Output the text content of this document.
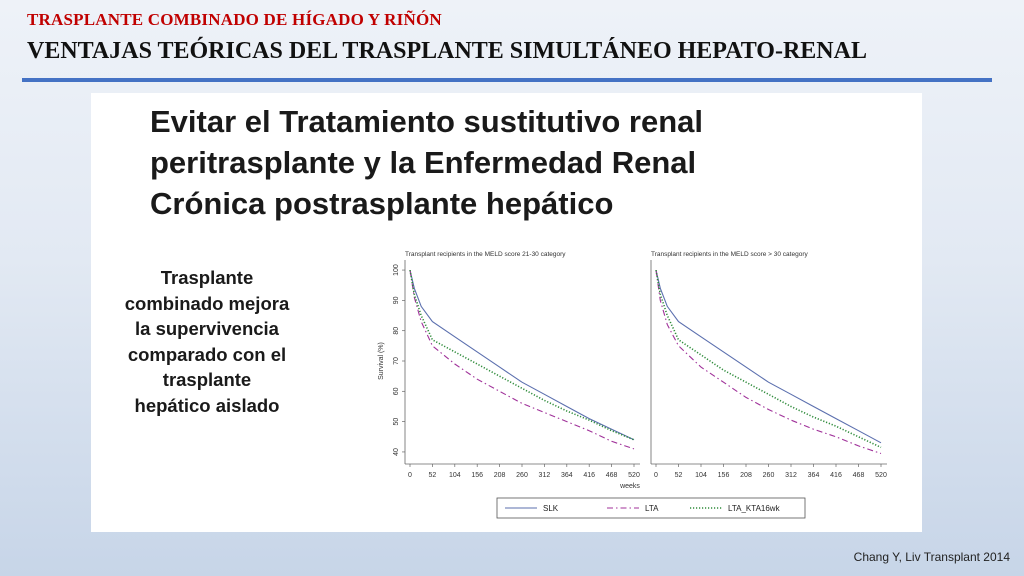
TRASPLANTE COMBINADO DE HÍGADO Y RIÑÓN
VENTAJAS TEÓRICAS DEL TRASPLANTE SIMULTÁNEO HEPATO-RENAL
Evitar el Tratamiento sustitutivo renal
peritrasplante y la Enfermedad Renal
Crónica postrasplante hepático
Trasplante
combinado mejora
la supervivencia
comparado con el
trasplante
hepático aislado
Transplant recipients in the MELD score 21-30 category
0 52 104 156 208 260 312 364 416 468 520
weeks
40
50
60
70
80
90
100
Survival (%)
Transplant recipients in the MELD score > 30 category
0 52 104 156 208 260 312 364 416 468 520
SLK	LTA	LTA_KTA16wk
Chang Y, Liv Transplant 2014
